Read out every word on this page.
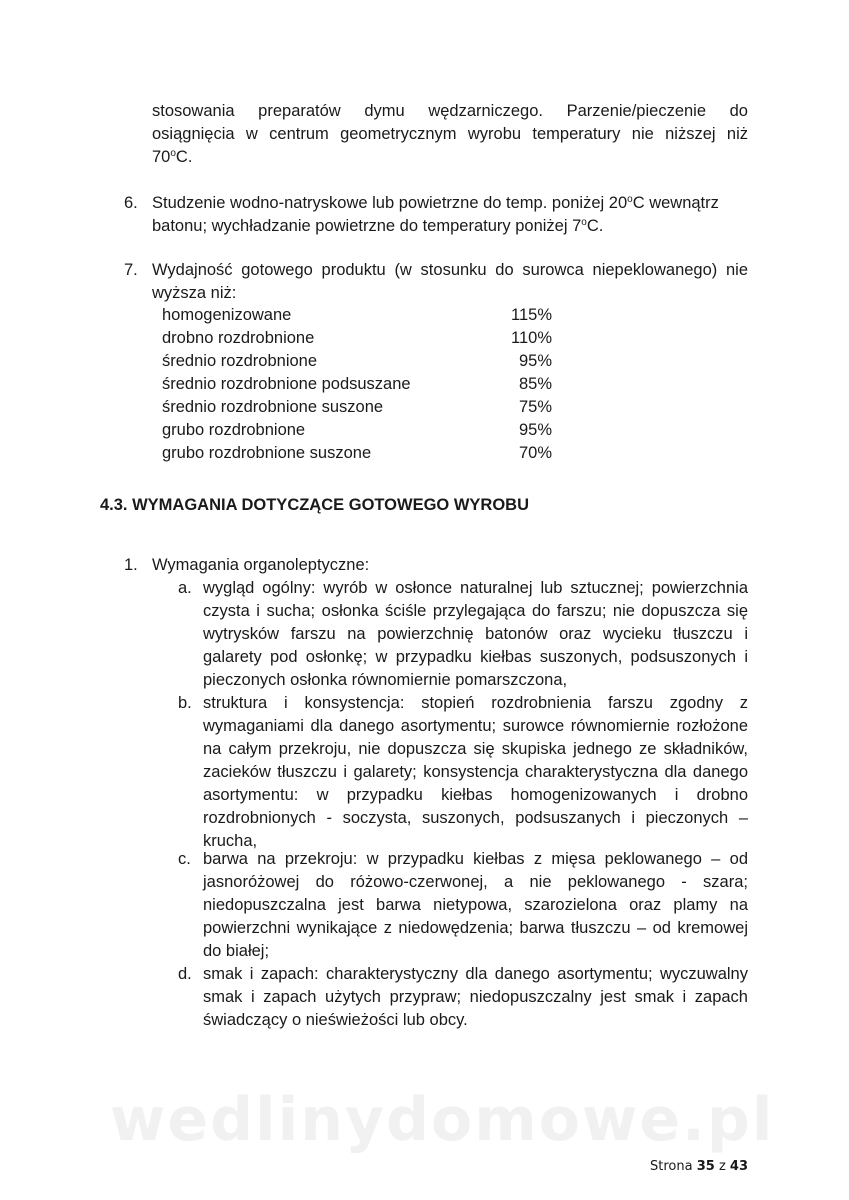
stosowania preparatów dymu wędzarniczego. Parzenie/pieczenie do
osiągnięcia w centrum geometrycznym wyrobu temperatury nie niższej niż
70$^o$C.
6. Studzenie wodno-natryskowe lub powietrzne do temp. poniżej 20$^o$C wewnątrz
batonu; wychładzanie powietrzne do temperatury poniżej 7$^o$C.
7. Wydajność gotowego produktu (w stosunku do surowca niepeklowanego) nie
wyższa niż:
homogenizowane	115%
drobno rozdrobnione	110%
średnio rozdrobnione	95%
średnio rozdrobnione podsuszane	85%
średnio rozdrobnione suszone	75%
grubo rozdrobnione	95%
grubo rozdrobnione suszone	70%
4.3. WYMAGANIA DOTYCZĄCE GOTOWEGO WYROBU
1. Wymagania organoleptyczne:
a. wygląd ogólny: wyrób w osłonce naturalnej lub sztucznej; powierzchnia czysta i sucha; osłonka ściśle przylegająca do farszu; nie dopuszcza się wytrysków farszu na powierzchnię batonów oraz wycieku tłuszczu i galarety pod osłonkę; w przypadku kiełbas suszonych, podsuszonych i pieczonych osłonka równomiernie pomarszczona,
b. struktura i konsystencja: stopień rozdrobnienia farszu zgodny z wymaganiami dla danego asortymentu; surowce równomiernie rozłożone na całym przekroju, nie dopuszcza się skupiska jednego ze składników, zacieków tłuszczu i galarety; konsystencja charakterystyczna dla danego asortymentu: w przypadku kiełbas homogenizowanych i drobno rozdrobnionych - soczysta, suszonych, podsuszanych i pieczonych – krucha,
c. barwa na przekroju: w przypadku kiełbas z mięsa peklowanego – od jasnoróżowej do różowo-czerwonej, a nie peklowanego - szara; niedopuszczalna jest barwa nietypowa, szarozielona oraz plamy na powierzchni wynikające z niedowędzenia; barwa tłuszczu – od kremowej do białej;
d. smak i zapach: charakterystyczny dla danego asortymentu; wyczuwalny smak i zapach użytych przypraw; niedopuszczalny jest smak i zapach świadczący o nieświeżości lub obcy.
wedlinydomowe.pl
Strona 35 z 43
